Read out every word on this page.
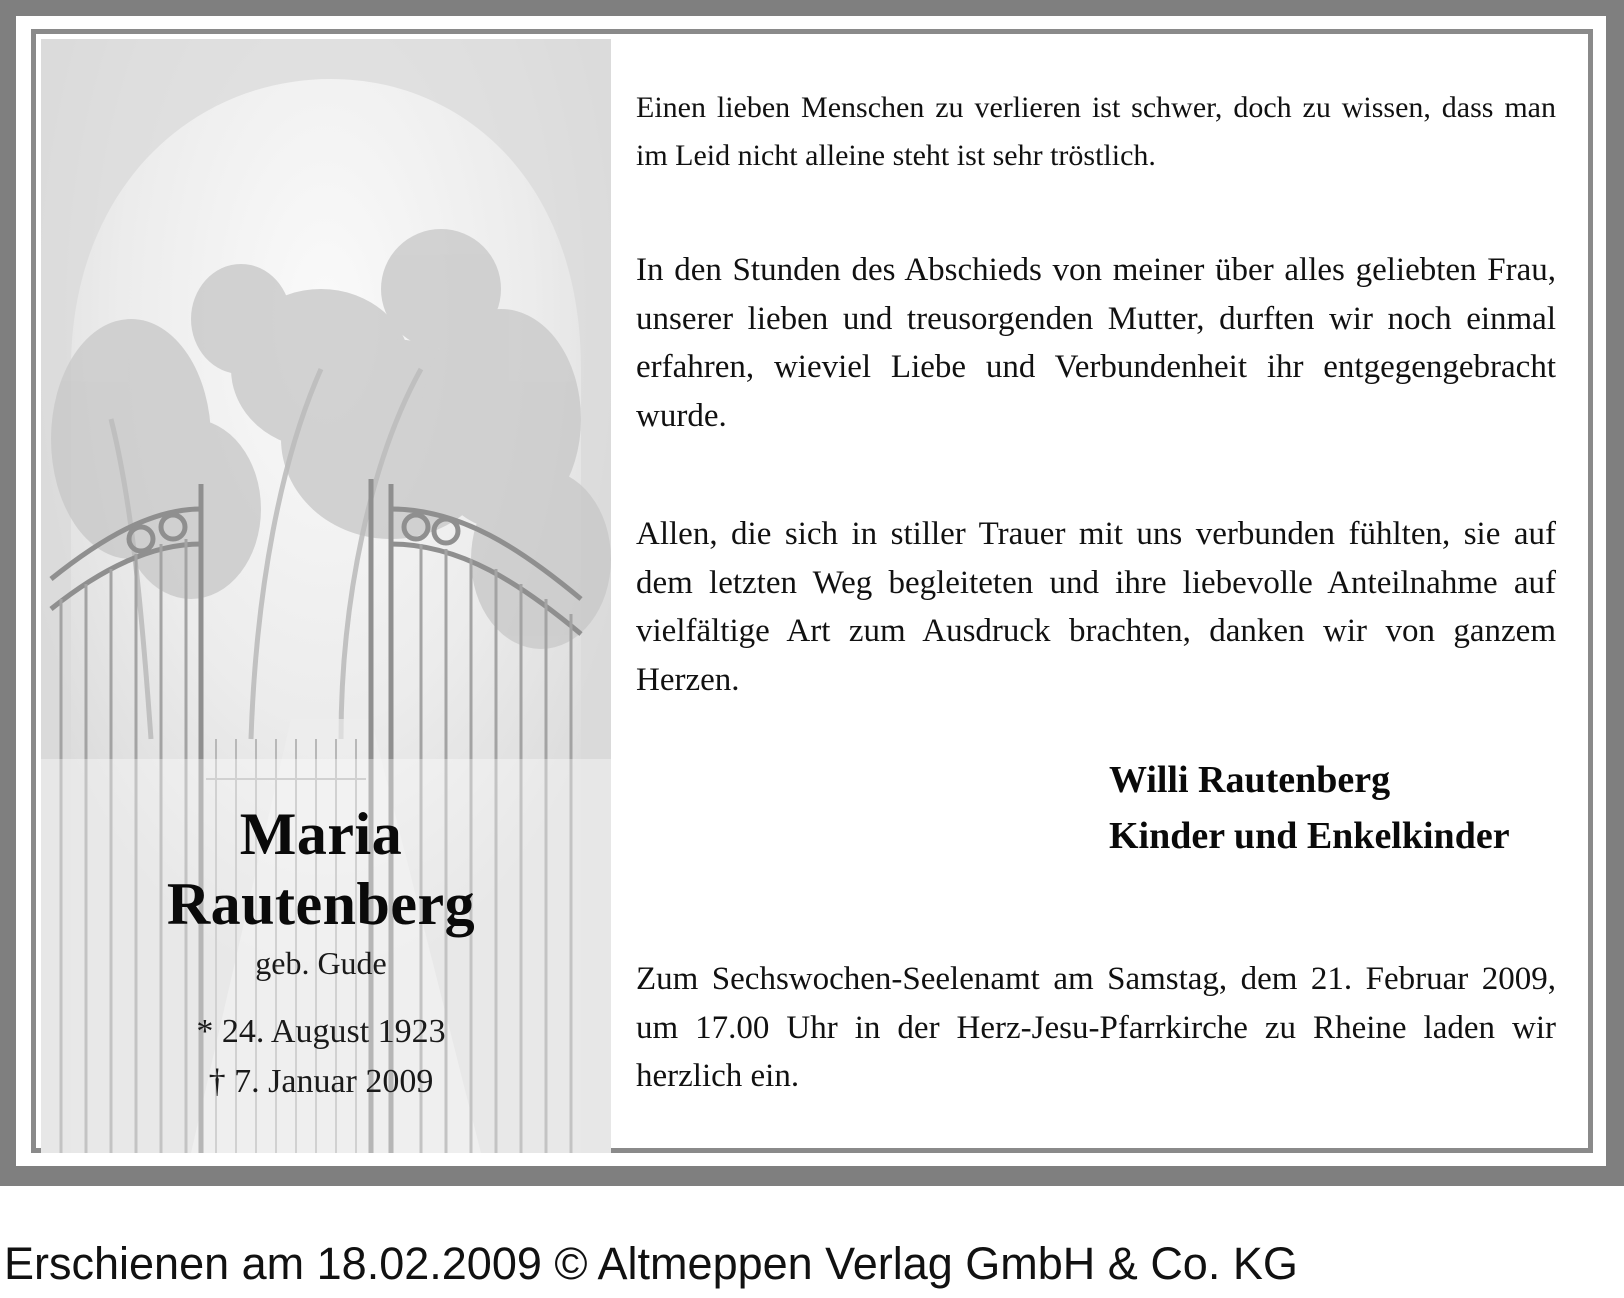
Maria
Rautenberg
geb. Gude
* 24. August 1923
† 7. Januar 2009
Einen lieben Menschen zu verlieren ist schwer, doch zu wissen, dass man im Leid nicht alleine steht ist sehr tröstlich.
In den Stunden des Abschieds von meiner über alles geliebten Frau, unserer lieben und treusorgenden Mutter, durften wir noch einmal erfahren, wieviel Liebe und Verbundenheit ihr entgegengebracht wurde.
Allen, die sich in stiller Trauer mit uns verbunden fühlten, sie auf dem letzten Weg begleiteten und ihre liebevolle Anteilnahme auf vielfältige Art zum Ausdruck brachten, danken wir von ganzem Herzen.
Willi Rautenberg
Kinder und Enkelkinder
Zum Sechswochen-Seelenamt am Samstag, dem 21. Februar 2009, um 17.00 Uhr in der Herz-Jesu-Pfarrkirche zu Rheine laden wir herzlich ein.
Erschienen am 18.02.2009 © Altmeppen Verlag GmbH & Co. KG
